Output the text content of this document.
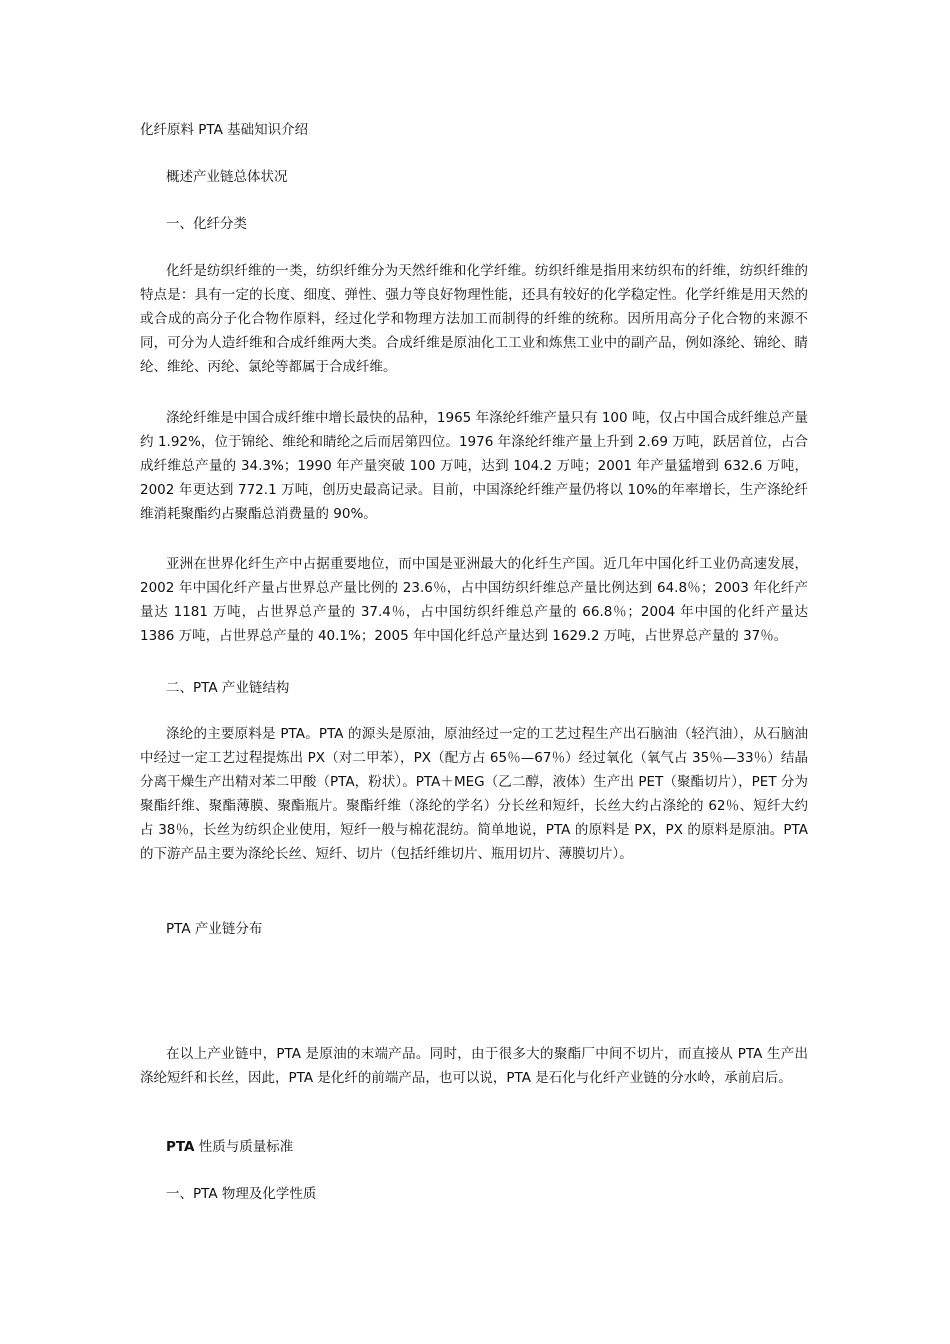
化纤原料 PTA 基础知识介绍
概述产业链总体状况
一、化纤分类
化纤是纺织纤维的一类，纺织纤维分为天然纤维和化学纤维。纺织纤维是指用来纺织布的纤维，纺织纤维的特点是：具有一定的长度、细度、弹性、强力等良好物理性能，还具有较好的化学稳定性。化学纤维是用天然的或合成的高分子化合物作原料，经过化学和物理方法加工而制得的纤维的统称。因所用高分子化合物的来源不同，可分为人造纤维和合成纤维两大类。合成纤维是原油化工工业和炼焦工业中的副产品，例如涤纶、锦纶、睛纶、维纶、丙纶、氯纶等都属于合成纤维。
涤纶纤维是中国合成纤维中增长最快的品种，1965 年涤纶纤维产量只有 100 吨，仅占中国合成纤维总产量约 1.92%，位于锦纶、维纶和睛纶之后而居第四位。1976 年涤纶纤维产量上升到 2.69 万吨，跃居首位，占合成纤维总产量的 34.3%；1990 年产量突破 100 万吨，达到 104.2 万吨；2001 年产量猛增到 632.6 万吨，2002 年更达到 772.1 万吨，创历史最高记录。目前，中国涤纶纤维产量仍将以 10%的年率增长，生产涤纶纤维消耗聚酯约占聚酯总消费量的 90%。
亚洲在世界化纤生产中占据重要地位，而中国是亚洲最大的化纤生产国。近几年中国化纤工业仍高速发展，2002 年中国化纤产量占世界总产量比例的 23.6％，占中国纺织纤维总产量比例达到 64.8％；2003 年化纤产量达 1181 万吨，占世界总产量的 37.4％，占中国纺织纤维总产量的 66.8％；2004 年中国的化纤产量达 1386 万吨，占世界总产量的 40.1%；2005 年中国化纤总产量达到 1629.2 万吨，占世界总产量的 37％。
二、PTA 产业链结构
涤纶的主要原料是 PTA。PTA 的源头是原油，原油经过一定的工艺过程生产出石脑油（轻汽油），从石脑油中经过一定工艺过程提炼出 PX（对二甲苯），PX（配方占 65％—67％）经过氧化（氧气占 35％—33％）结晶分离干燥生产出精对苯二甲酸（PTA，粉状）。PTA＋MEG（乙二醇，液体）生产出 PET（聚酯切片），PET 分为聚酯纤维、聚酯薄膜、聚酯瓶片。聚酯纤维（涤纶的学名）分长丝和短纤，长丝大约占涤纶的 62％、短纤大约占 38％，长丝为纺织企业使用，短纤一般与棉花混纺。简单地说，PTA 的原料是 PX，PX 的原料是原油。PTA 的下游产品主要为涤纶长丝、短纤、切片（包括纤维切片、瓶用切片、薄膜切片）。
PTA 产业链分布
在以上产业链中，PTA 是原油的末端产品。同时，由于很多大的聚酯厂中间不切片，而直接从 PTA 生产出涤纶短纤和长丝，因此，PTA 是化纤的前端产品，也可以说，PTA 是石化与化纤产业链的分水岭，承前启后。
PTA 性质与质量标准
一、PTA 物理及化学性质
